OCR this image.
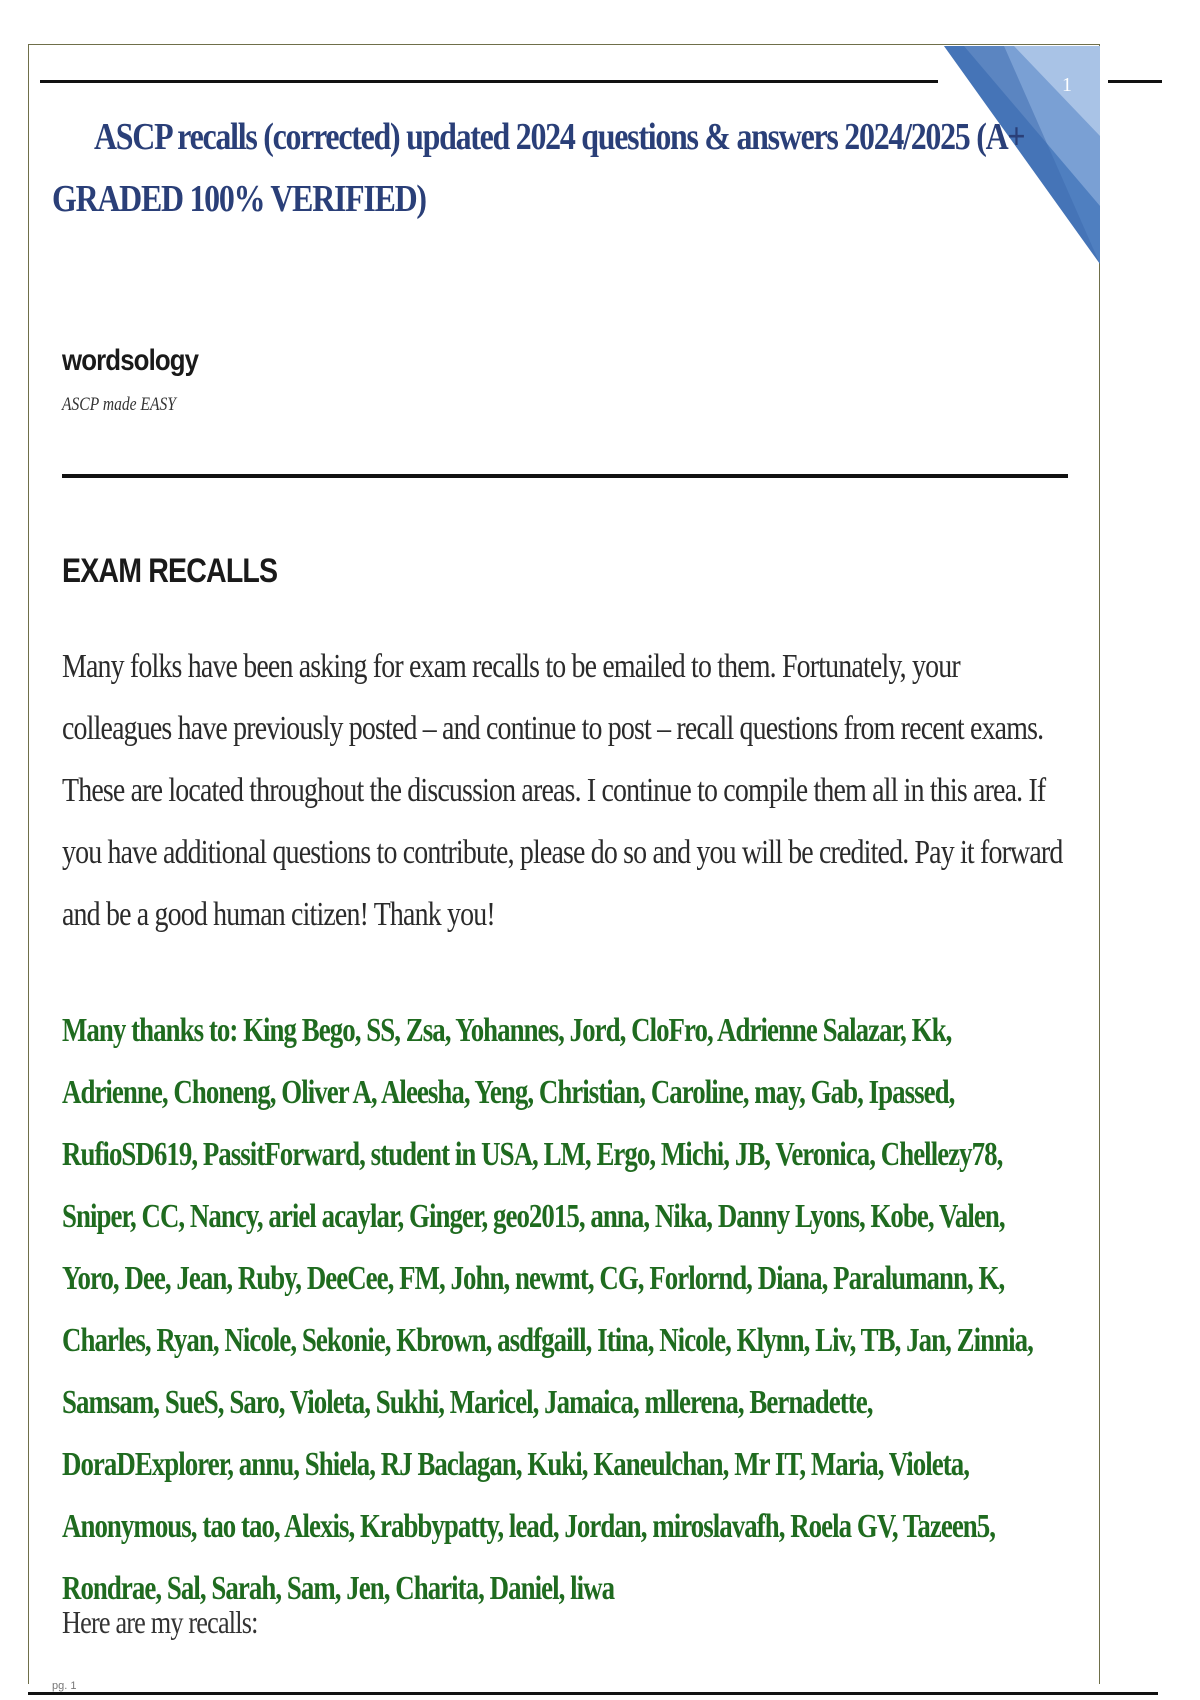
1
ASCP recalls (corrected) updated 2024 questions & answers 2024/2025 (A+ GRADED 100% VERIFIED)
wordsology
ASCP made EASY
EXAM RECALLS

Many folks have been asking for exam recalls to be emailed to them. Fortunately, your colleagues have previously posted – and continue to post – recall questions from recent exams. These are located throughout the discussion areas. I continue to compile them all in this area. If you have additional questions to contribute, please do so and you will be credited. Pay it forward and be a good human citizen! Thank you!

Many thanks to: King Bego, SS, Zsa, Yohannes, Jord, CloFro, Adrienne Salazar, Kk, Adrienne, Choneng, Oliver A, Aleesha, Yeng, Christian, Caroline, may, Gab, Ipassed, RufioSD619, PassitForward, student in USA, LM, Ergo, Michi, JB, Veronica, Chellezy78, Sniper, CC, Nancy, ariel acaylar, Ginger, geo2015, anna, Nika, Danny Lyons, Kobe, Valen, Yoro, Dee, Jean, Ruby, DeeCee, FM, John, newmt, CG, Forlornd, Diana, Paralumann, K, Charles, Ryan, Nicole, Sekonie, Kbrown, asdfgaill, Itina, Nicole, Klynn, Liv, TB, Jan, Zinnia, Samsam, SueS, Saro, Violeta, Sukhi, Maricel, Jamaica, mllerena, Bernadette, DoraDExplorer, annu, Shiela, RJ Baclagan, Kuki, Kaneulchan, Mr IT, Maria, Violeta, Anonymous, tao tao, Alexis, Krabbypatty, lead, Jordan, miroslavafh, Roela GV, Tazeen5, Rondrae, Sal, Sarah, Sam, Jen, Charita, Daniel, liwa

Here are my recalls:

pg. 1
